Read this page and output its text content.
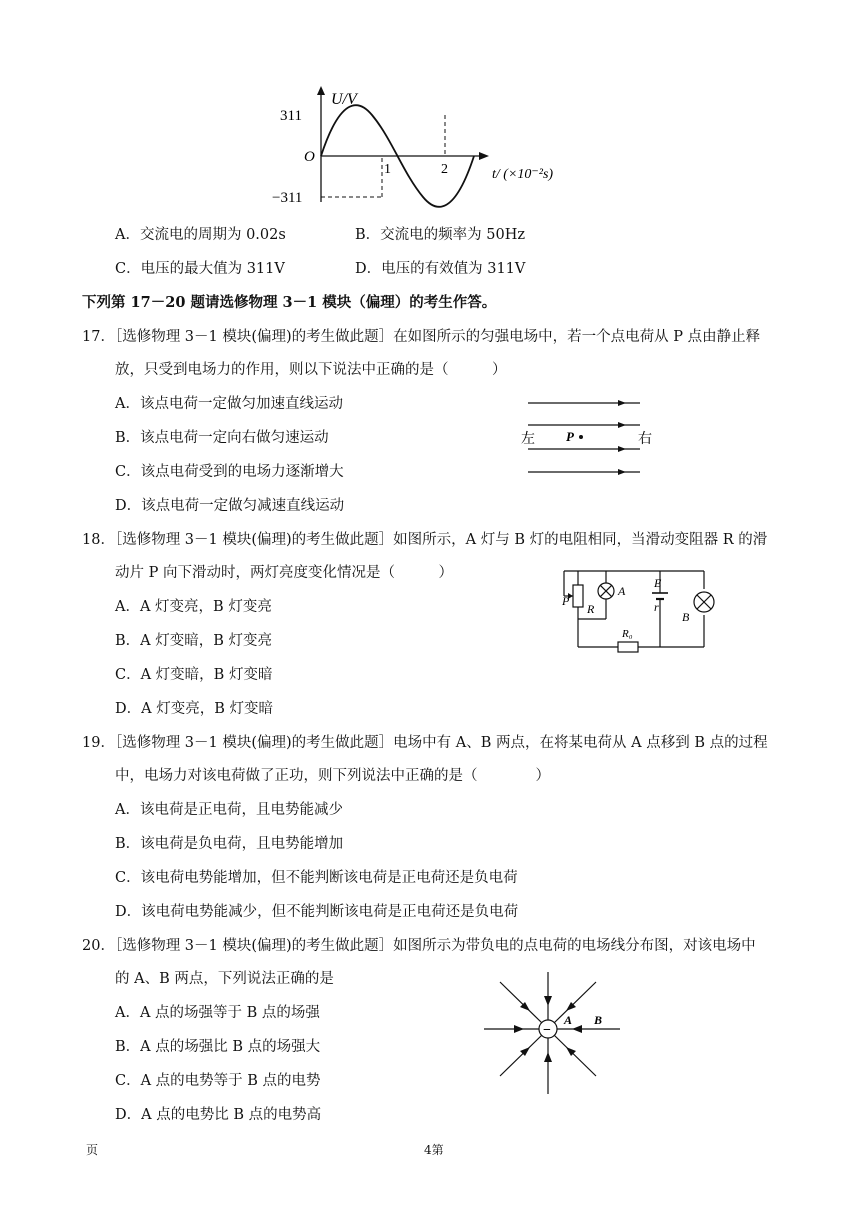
311
−311
O
U/V
1	2	t/ (×10⁻²s)
A．交流电的周期为 0.02s	B．交流电的频率为 50Hz
C．电压的最大值为 311V	D．电压的有效值为 311V
下列第 17－20 题请选修物理 3－1 模块（偏理）的考生作答。
17．［选修物理 3－1 模块(偏理)的考生做此题］在如图所示的匀强电场中，若一个点电荷从 P 点由静止释
放，只受到电场力的作用，则以下说法中正确的是（　　　）
A．该点电荷一定做匀加速直线运动
B．该点电荷一定向右做匀速运动
C．该点电荷受到的电场力逐渐增大
D．该点电荷一定做匀减速直线运动
左	右
P
18．［选修物理 3－1 模块(偏理)的考生做此题］如图所示，A 灯与 B 灯的电阻相同，当滑动变阻器 R 的滑
动片 P 向下滑动时，两灯亮度变化情况是（　　　）
A．A 灯变亮，B 灯变亮
B．A 灯变暗，B 灯变亮
C．A 灯变暗，B 灯变暗
D．A 灯变亮，B 灯变暗
P
R
A
E
r
B
R₀
19．［选修物理 3－1 模块(偏理)的考生做此题］电场中有 A、B 两点，在将某电荷从 A 点移到 B 点的过程
中，电场力对该电荷做了正功，则下列说法中正确的是（　　　　）
A．该电荷是正电荷，且电势能减少
B．该电荷是负电荷，且电势能增加
C．该电荷电势能增加，但不能判断该电荷是正电荷还是负电荷
D．该电荷电势能减少，但不能判断该电荷是正电荷还是负电荷
20．［选修物理 3－1 模块(偏理)的考生做此题］如图所示为带负电的点电荷的电场线分布图，对该电场中
的 A、B 两点，下列说法正确的是
A．A 点的场强等于 B 点的场强
B．A 点的场强比 B 点的场强大
C．A 点的电势等于 B 点的电势
D．A 点的电势比 B 点的电势高
−
A B
页	4第
